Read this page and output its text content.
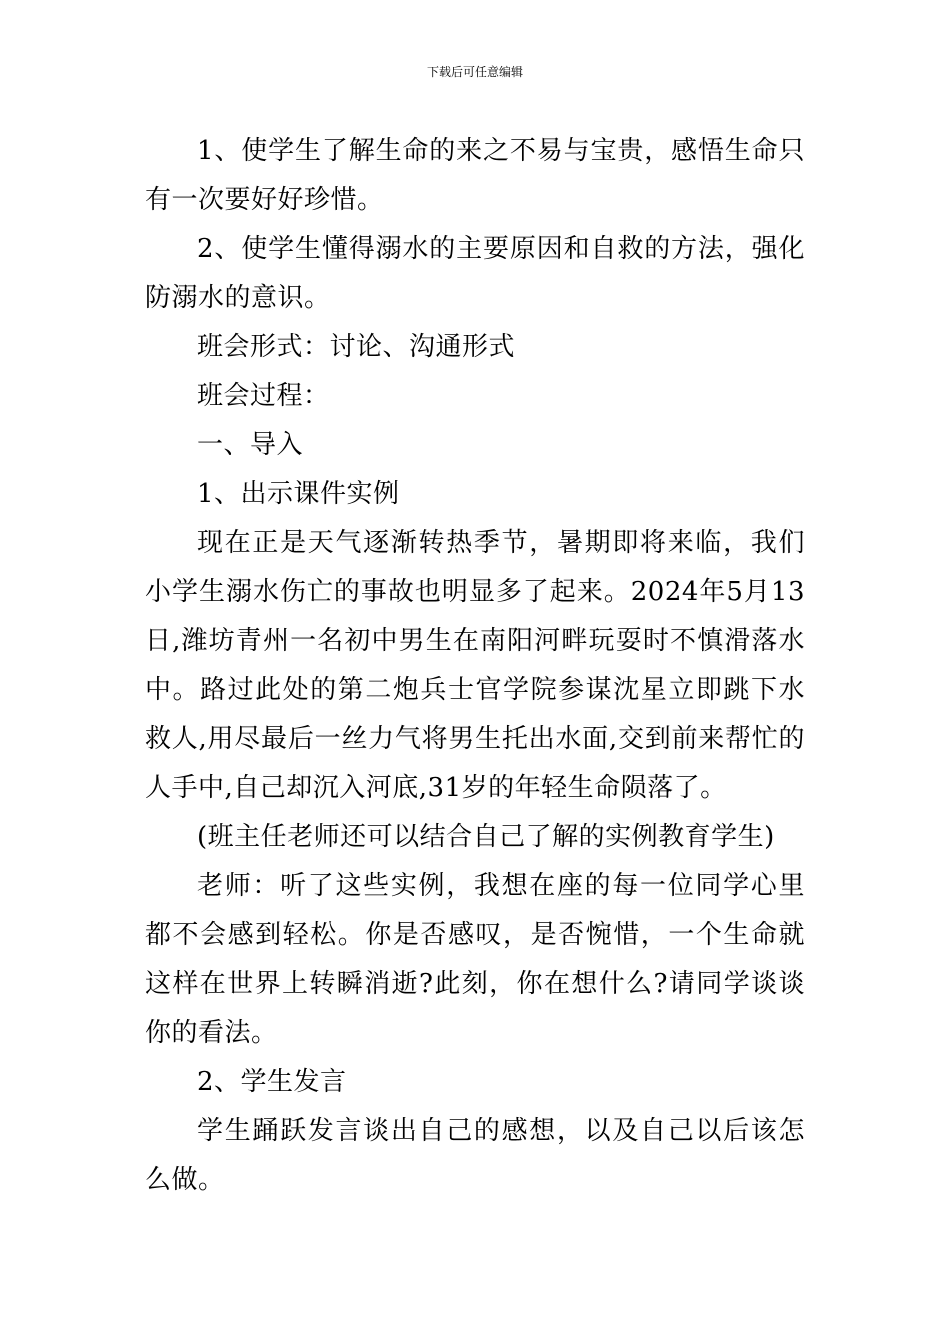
下载后可任意编辑

1、使学生了解生命的来之不易与宝贵，感悟生命只有一次要好好珍惜。

2、使学生懂得溺水的主要原因和自救的方法，强化防溺水的意识。

班会形式：讨论、沟通形式

班会过程：

一、导入

1、出示课件实例

现在正是天气逐渐转热季节，暑期即将来临，我们小学生溺水伤亡的事故也明显多了起来。2024年5月13日,潍坊青州一名初中男生在南阳河畔玩耍时不慎滑落水中。路过此处的第二炮兵士官学院参谋沈星立即跳下水救人,用尽最后一丝力气将男生托出水面,交到前来帮忙的人手中,自己却沉入河底,31岁的年轻生命陨落了。

(班主任老师还可以结合自己了解的实例教育学生)

老师：听了这些实例，我想在座的每一位同学心里都不会感到轻松。你是否感叹，是否惋惜，一个生命就这样在世界上转瞬消逝?此刻，你在想什么?请同学谈谈你的看法。

2、学生发言

学生踊跃发言谈出自己的感想，以及自己以后该怎么做。
